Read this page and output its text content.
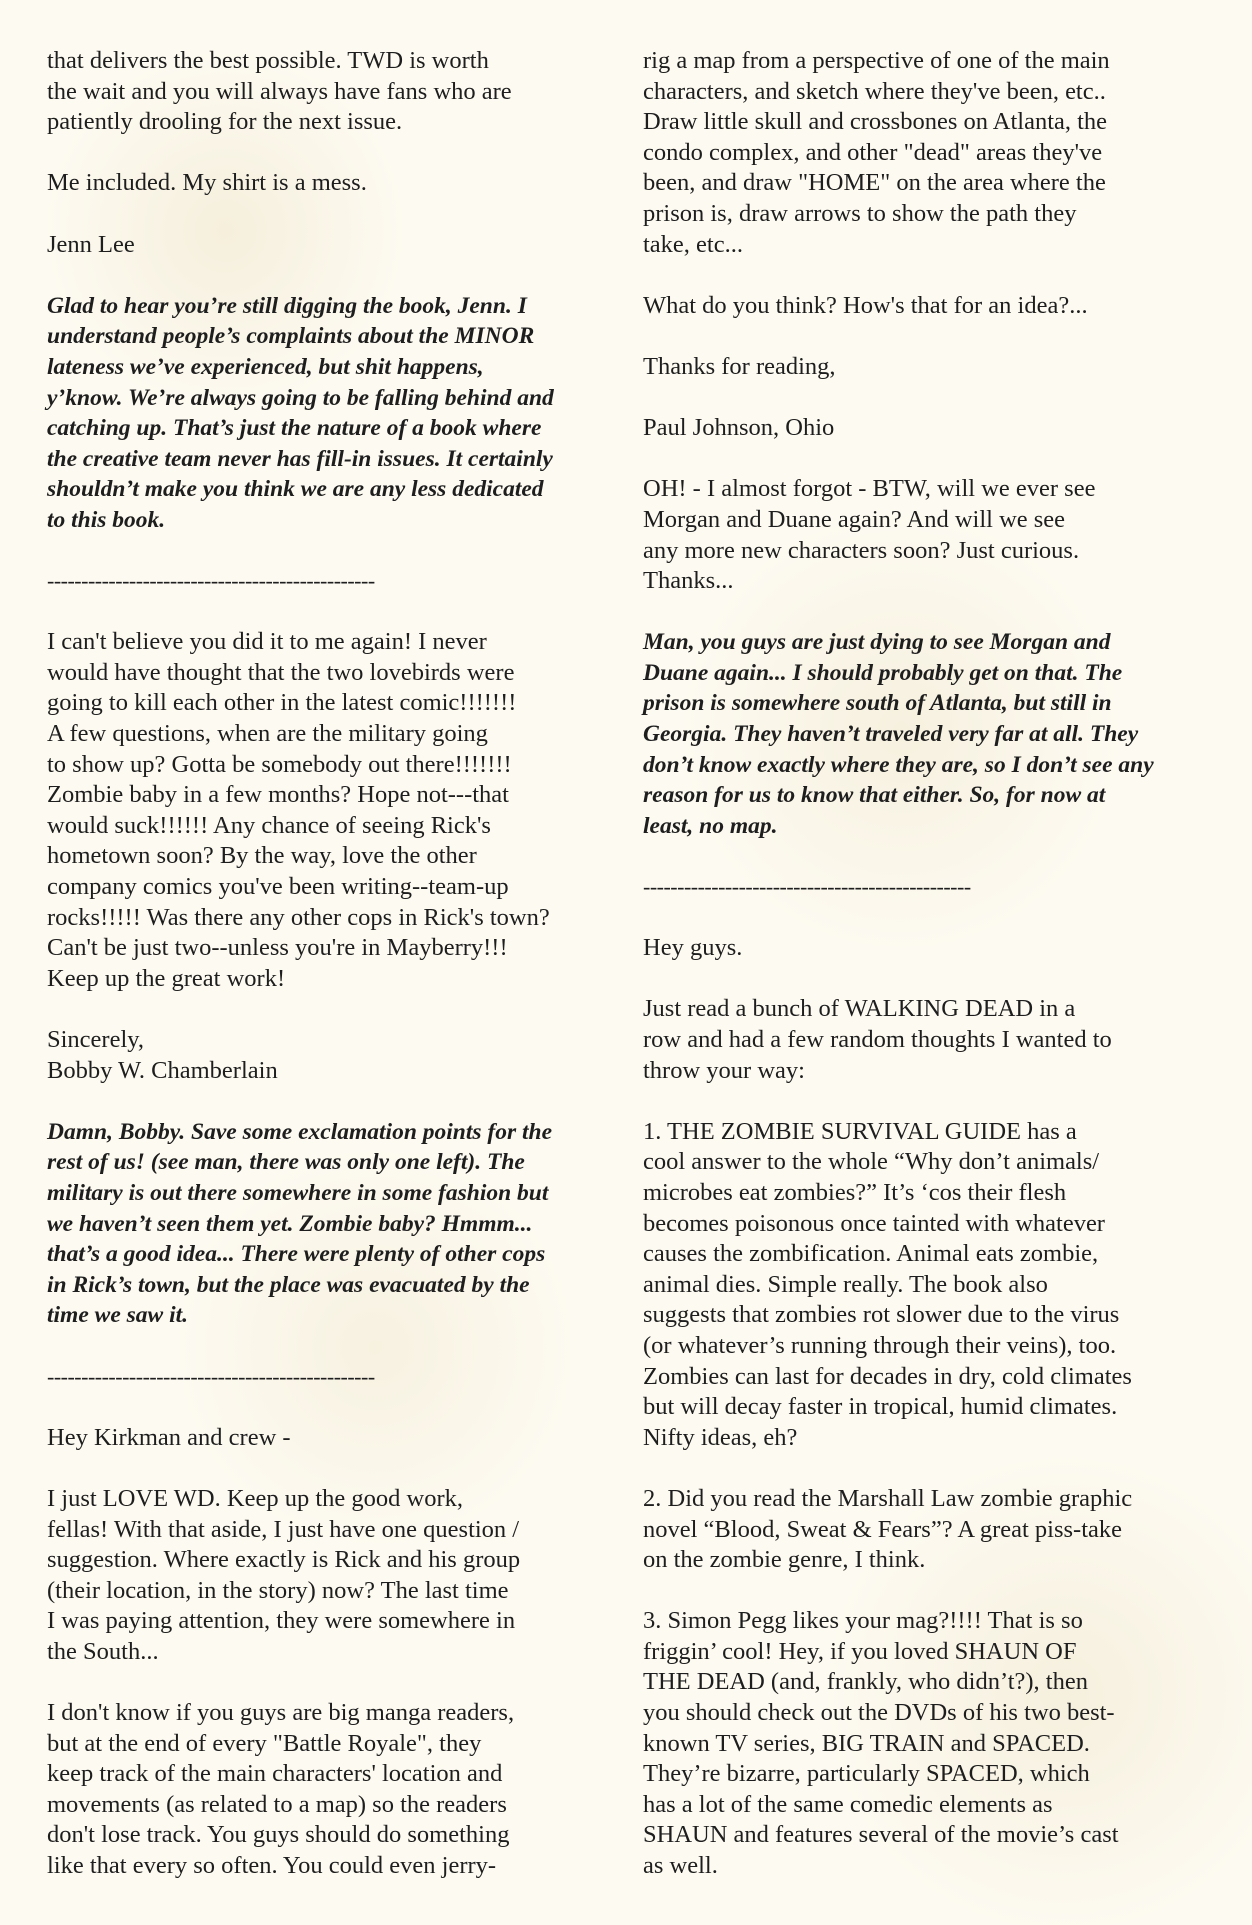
that delivers the best possible. TWD is worth
the wait and you will always have fans who are
patiently drooling for the next issue.

Me included. My shirt is a mess.

Jenn Lee

Glad to hear you’re still digging the book, Jenn. I
understand people’s complaints about the MINOR
lateness we’ve experienced, but shit happens,
y’know. We’re always going to be falling behind and
catching up. That’s just the nature of a book where
the creative team never has fill-in issues. It certainly
shouldn’t make you think we are any less dedicated
to this book.

------------------------------------------------

I can't believe you did it to me again! I never
would have thought that the two lovebirds were
going to kill each other in the latest comic!!!!!!!
A few questions, when are the military going
to show up? Gotta be somebody out there!!!!!!!
Zombie baby in a few months? Hope not---that
would suck!!!!!! Any chance of seeing Rick's
hometown soon? By the way, love the other
company comics you've been writing--team-up
rocks!!!!! Was there any other cops in Rick's town?
Can't be just two--unless you're in Mayberry!!!
Keep up the great work!

Sincerely,
Bobby W. Chamberlain

Damn, Bobby. Save some exclamation points for the
rest of us! (see man, there was only one left). The
military is out there somewhere in some fashion but
we haven’t seen them yet. Zombie baby? Hmmm...
that’s a good idea... There were plenty of other cops
in Rick’s town, but the place was evacuated by the
time we saw it.

------------------------------------------------

Hey Kirkman and crew -

I just LOVE WD. Keep up the good work,
fellas! With that aside, I just have one question /
suggestion. Where exactly is Rick and his group
(their location, in the story) now? The last time
I was paying attention, they were somewhere in
the South...

I don't know if you guys are big manga readers,
but at the end of every "Battle Royale", they
keep track of the main characters' location and
movements (as related to a map) so the readers
don't lose track. You guys should do something
like that every so often. You could even jerry-

rig a map from a perspective of one of the main
characters, and sketch where they've been, etc..
Draw little skull and crossbones on Atlanta, the
condo complex, and other "dead" areas they've
been, and draw "HOME" on the area where the
prison is, draw arrows to show the path they
take, etc...

What do you think? How's that for an idea?...

Thanks for reading,

Paul Johnson, Ohio

OH! - I almost forgot - BTW, will we ever see
Morgan and Duane again? And will we see
any more new characters soon? Just curious.
Thanks...

Man, you guys are just dying to see Morgan and
Duane again... I should probably get on that. The
prison is somewhere south of Atlanta, but still in
Georgia. They haven’t traveled very far at all. They
don’t know exactly where they are, so I don’t see any
reason for us to know that either. So, for now at
least, no map.

------------------------------------------------

Hey guys.

Just read a bunch of WALKING DEAD in a
row and had a few random thoughts I wanted to
throw your way:

1. THE ZOMBIE SURVIVAL GUIDE has a
cool answer to the whole “Why don’t animals/
microbes eat zombies?” It’s ‘cos their flesh
becomes poisonous once tainted with whatever
causes the zombification. Animal eats zombie,
animal dies. Simple really. The book also
suggests that zombies rot slower due to the virus
(or whatever’s running through their veins), too.
Zombies can last for decades in dry, cold climates
but will decay faster in tropical, humid climates.
Nifty ideas, eh?

2. Did you read the Marshall Law zombie graphic
novel “Blood, Sweat & Fears”? A great piss-take
on the zombie genre, I think.

3. Simon Pegg likes your mag?!!!! That is so
friggin’ cool! Hey, if you loved SHAUN OF
THE DEAD (and, frankly, who didn’t?), then
you should check out the DVDs of his two best-
known TV series, BIG TRAIN and SPACED.
They’re bizarre, particularly SPACED, which
has a lot of the same comedic elements as
SHAUN and features several of the movie’s cast
as well.
